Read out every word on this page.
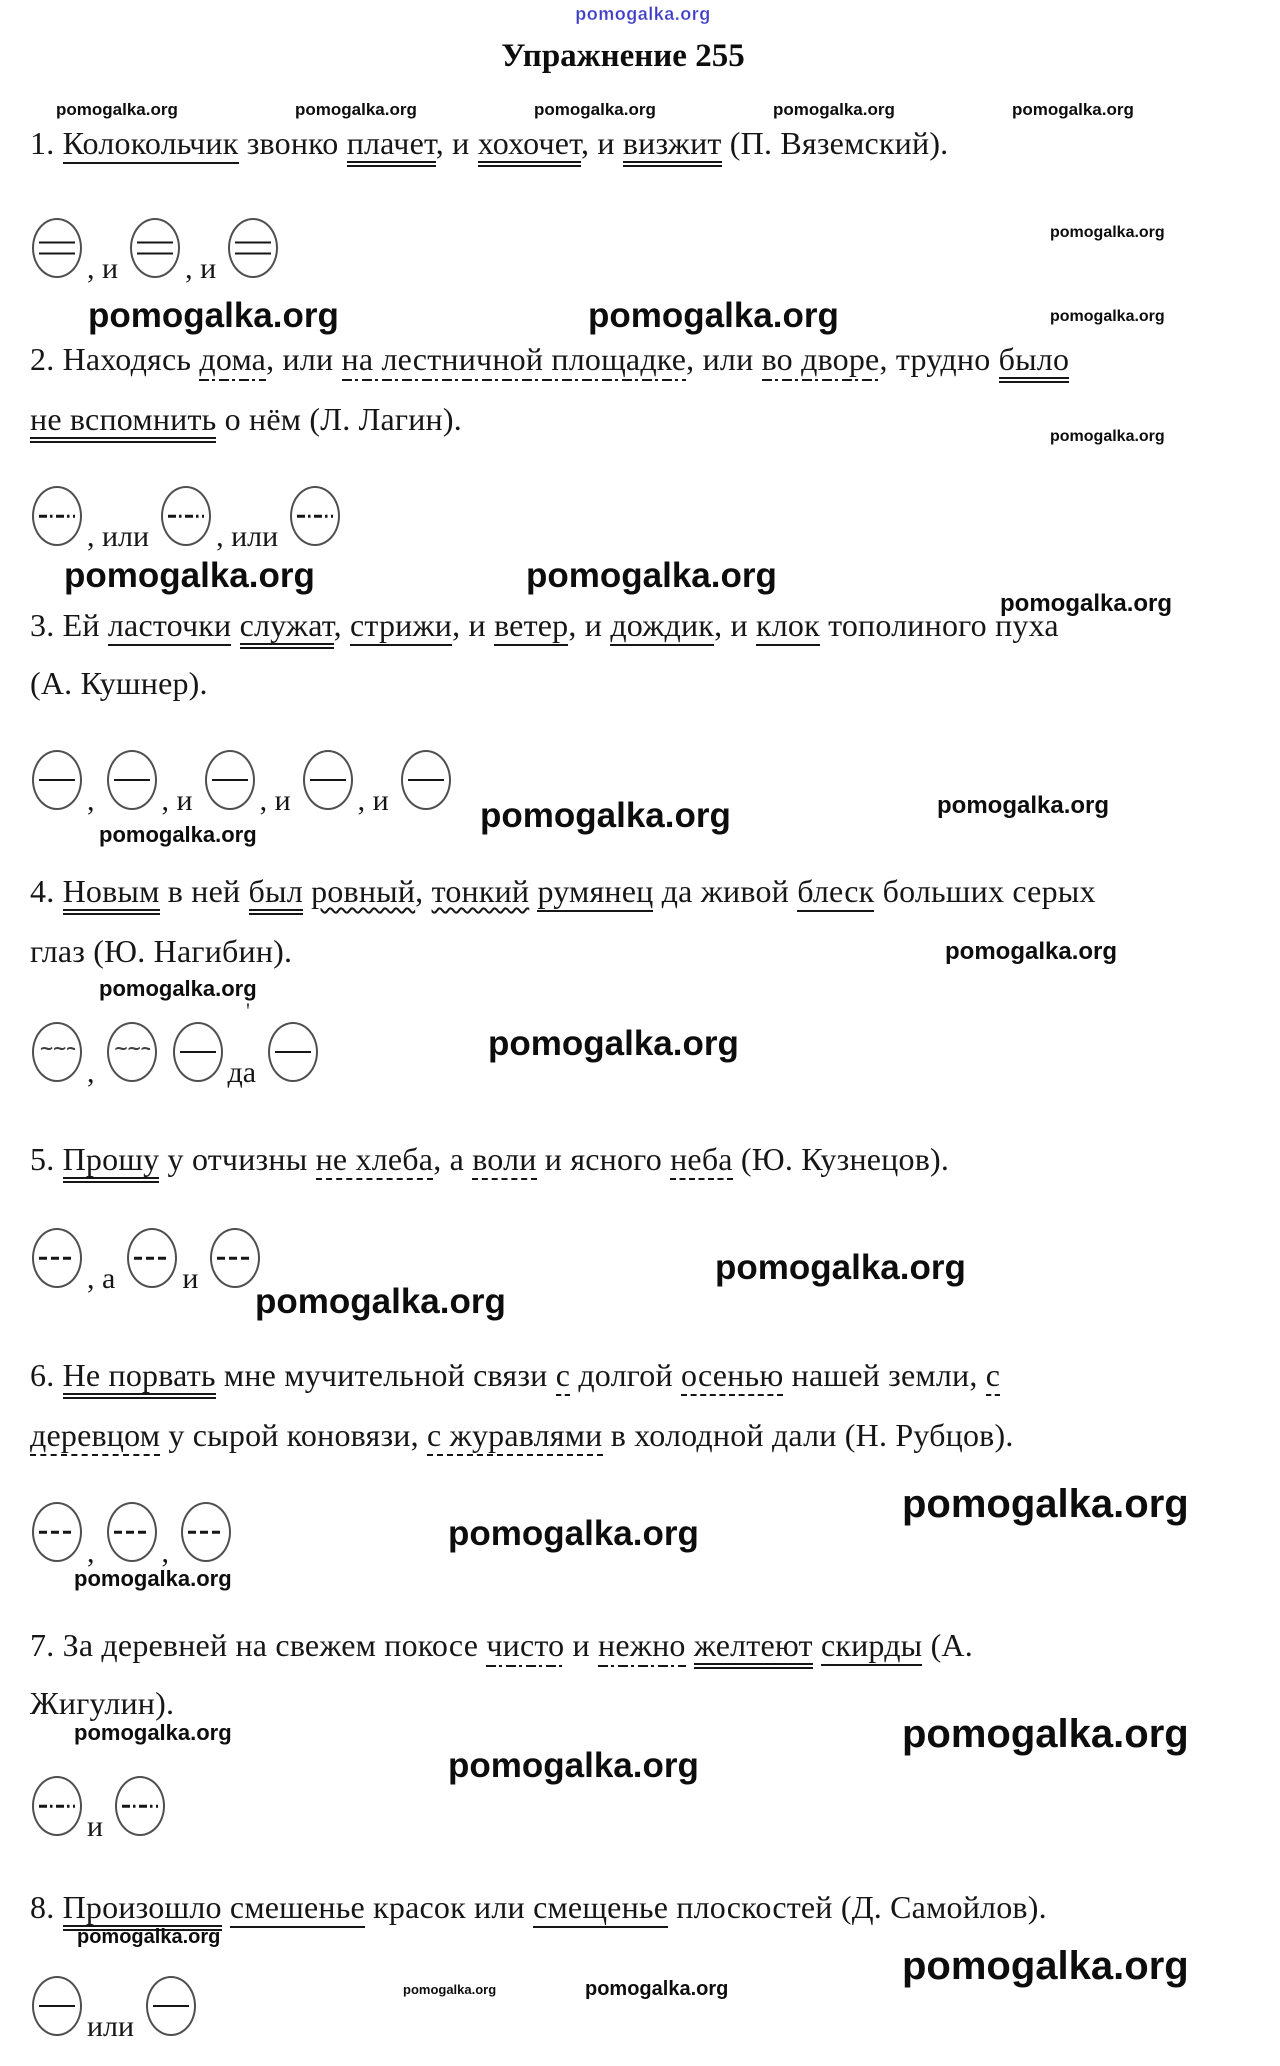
pomogalka.org
Упражнение 255
pomogalka.org	pomogalka.org	pomogalka.org	pomogalka.org	pomogalka.org
1. Колокольчик звонко плачет, и хохочет, и визжит (П. Вяземский).
pomogalka.org
, и , и
pomogalka.org	pomogalka.org	pomogalka.org
2. Находясь дома, или на лестничной площадке, или во дворе, трудно было
не вспомнить о нём (Л. Лагин).	pomogalka.org
, или , или
pomogalka.org	pomogalka.org
pomogalka.org
3. Ей ласточки служат, стрижи, и ветер, и дождик, и клок тополиного пуха
(А. Кушнер).
, , и , и , и	pomogalka.org	pomogalka.org
pomogalka.org
4. Новым в ней был ровный, тонкий румянец да живой блеск больших серых
глаз (Ю. Нагибин).	pomogalka.org
pomogalka.org
'
~~~~
,
~~~~	да
pomogalka.org
5. Прошу у отчизны не хлеба, а воли и ясного неба (Ю. Кузнецов).
, а и	pomogalka.org
pomogalka.org
6. Не порвать мне мучительной связи с долгой осенью нашей земли, с
деревцом у сырой коновязи, с журавлями в холодной дали (Н. Рубцов).
pomogalka.org
, ,	pomogalka.org
pomogalka.org
7. За деревней на свежем покосе чисто и нежно желтеют скирды (А.
Жигулин).
pomogalka.org	pomogalka.org
pomogalka.org
и
8. Произошло смешенье красок или смещенье плоскостей (Д. Самойлов).
pomogalka.org
pomogalka.org
pomogalka.org	pomogalka.org
или
